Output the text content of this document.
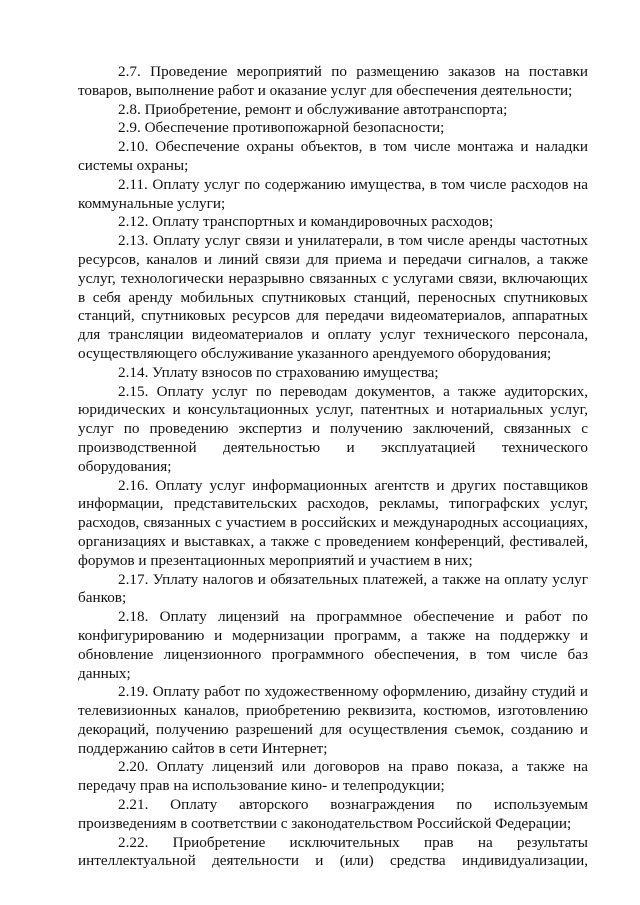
2.7. Проведение мероприятий по размещению заказов на поставки товаров, выполнение работ и оказание услуг для обеспечения деятельности;

2.8. Приобретение, ремонт и обслуживание автотранспорта;

2.9. Обеспечение противопожарной безопасности;

2.10. Обеспечение охраны объектов, в том числе монтажа и наладки системы охраны;

2.11. Оплату услуг по содержанию имущества, в том числе расходов на коммунальные услуги;

2.12. Оплату транспортных и командировочных расходов;

2.13. Оплату услуг связи и унилатерали, в том числе аренды частотных ресурсов, каналов и линий связи для приема и передачи сигналов, а также услуг, технологически неразрывно связанных с услугами связи, включающих в себя аренду мобильных спутниковых станций, переносных спутниковых станций, спутниковых ресурсов для передачи видеоматериалов, аппаратных для трансляции видеоматериалов и оплату услуг технического персонала, осуществляющего обслуживание указанного арендуемого оборудования;

2.14. Уплату взносов по страхованию имущества;

2.15. Оплату услуг по переводам документов, а также аудиторских, юридических и консультационных услуг, патентных и нотариальных услуг, услуг по проведению экспертиз и получению заключений, связанных с производственной деятельностью и эксплуатацией технического оборудования;

2.16. Оплату услуг информационных агентств и других поставщиков информации, представительских расходов, рекламы, типографских услуг, расходов, связанных с участием в российских и международных ассоциациях, организациях и выставках, а также с проведением конференций, фестивалей, форумов и презентационных мероприятий и участием в них;

2.17. Уплату налогов и обязательных платежей, а также на оплату услуг банков;

2.18. Оплату лицензий на программное обеспечение и работ по конфигурированию и модернизации программ, а также на поддержку и обновление лицензионного программного обеспечения, в том числе баз данных;

2.19. Оплату работ по художественному оформлению, дизайну студий и телевизионных каналов, приобретению реквизита, костюмов, изготовлению декораций, получению разрешений для осуществления съемок, созданию и поддержанию сайтов в сети Интернет;

2.20. Оплату лицензий или договоров на право показа, а также на передачу прав на использование кино- и телепродукции;

2.21. Оплату авторского вознаграждения по используемым произведениям в соответствии с законодательством Российской Федерации;

2.22. Приобретение исключительных прав на результаты интеллектуальной деятельности и (или) средства индивидуализации,
